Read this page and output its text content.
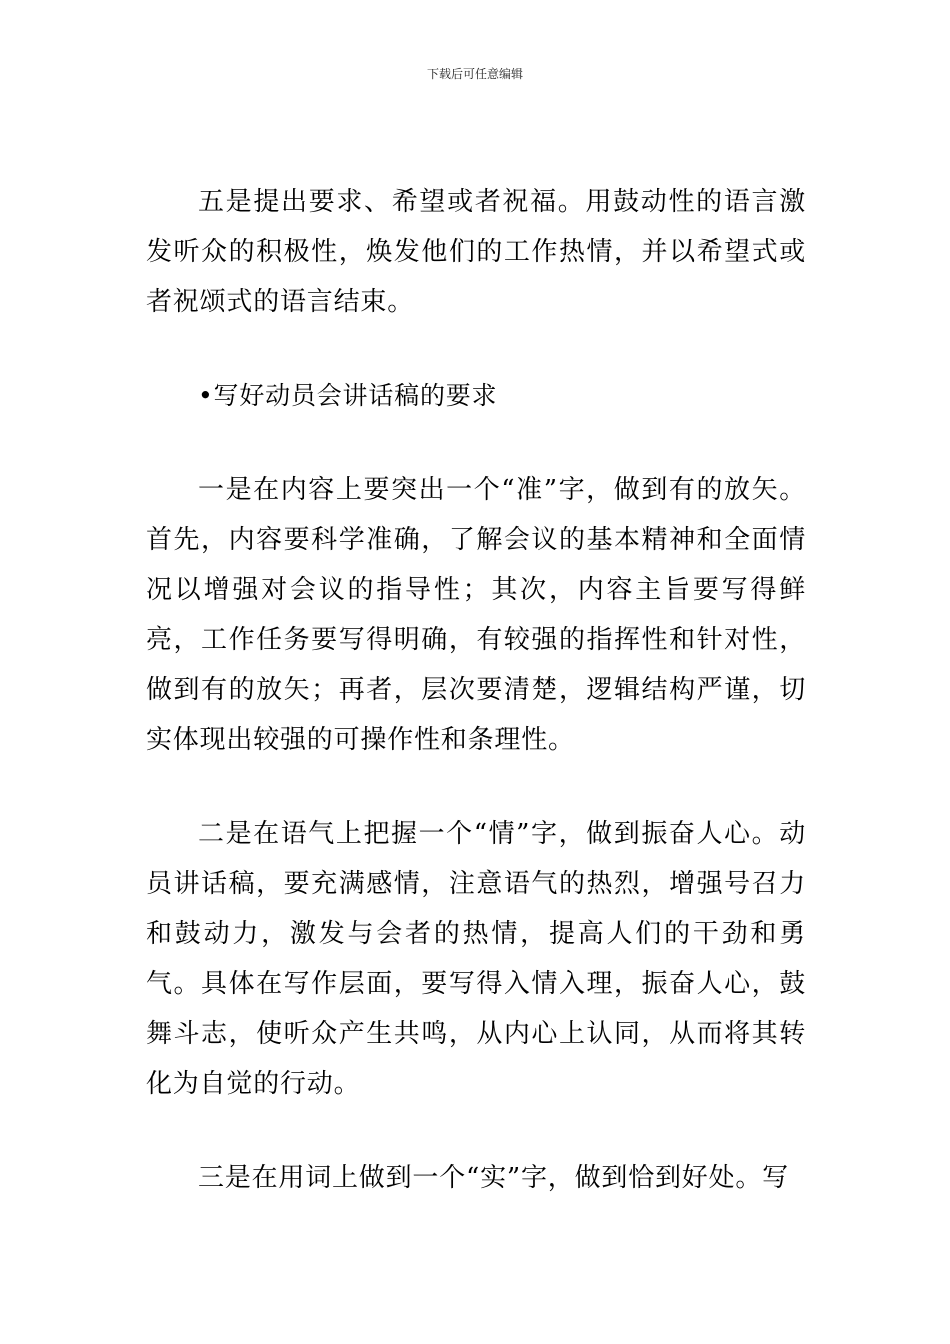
下载后可任意编辑

五是提出要求、希望或者祝福。用鼓动性的语言激发听众的积极性，焕发他们的工作热情，并以希望式或者祝颂式的语言结束。

•写好动员会讲话稿的要求

一是在内容上要突出一个“准”字，做到有的放矢。首先，内容要科学准确，了解会议的基本精神和全面情况以增强对会议的指导性；其次，内容主旨要写得鲜亮，工作任务要写得明确，有较强的指挥性和针对性，做到有的放矢；再者，层次要清楚，逻辑结构严谨，切实体现出较强的可操作性和条理性。

二是在语气上把握一个“情”字，做到振奋人心。动员讲话稿，要充满感情，注意语气的热烈，增强号召力和鼓动力，激发与会者的热情，提高人们的干劲和勇气。具体在写作层面，要写得入情入理，振奋人心，鼓舞斗志，使听众产生共鸣，从内心上认同，从而将其转化为自觉的行动。

三是在用词上做到一个“实”字，做到恰到好处。写
